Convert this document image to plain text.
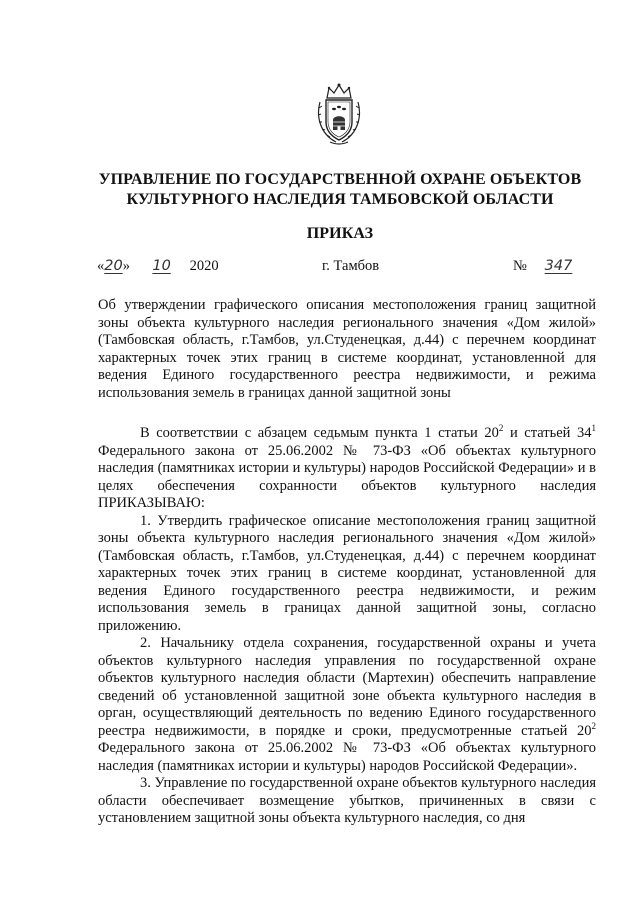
УПРАВЛЕНИЕ ПО ГОСУДАРСТВЕННОЙ ОХРАНЕ ОБЪЕКТОВ
КУЛЬТУРНОГО НАСЛЕДИЯ ТАМБОВСКОЙ ОБЛАСТИ
ПРИКАЗ
«20» 10 2020	г. Тамбов	№ 347
Об утверждении графического описания местоположения границ защитной зоны объекта культурного наследия регионального значения «Дом жилой» (Тамбовская область, г.Тамбов, ул.Студенецкая, д.44) с перечнем координат характерных точек этих границ в системе координат, установленной для ведения Единого государственного реестра недвижимости, и режима использования земель в границах данной защитной зоны

В соответствии с абзацем седьмым пункта 1 статьи $20^2$ и статьей $34^1$ Федерального закона от 25.06.2002 № 73-ФЗ «Об объектах культурного наследия (памятниках истории и культуры) народов Российской Федерации» и в целях обеспечения сохранности объектов культурного наследия ПРИКАЗЫВАЮ:

1. Утвердить графическое описание местоположения границ защитной зоны объекта культурного наследия регионального значения «Дом жилой» (Тамбовская область, г.Тамбов, ул.Студенецкая, д.44) с перечнем координат характерных точек этих границ в системе координат, установленной для ведения Единого государственного реестра недвижимости, и режим использования земель в границах данной защитной зоны, согласно приложению.

2. Начальнику отдела сохранения, государственной охраны и учета объектов культурного наследия управления по государственной охране объектов культурного наследия области (Мартехин) обеспечить направление сведений об установленной защитной зоне объекта культурного наследия в орган, осуществляющий деятельность по ведению Единого государственного реестра недвижимости, в порядке и сроки, предусмотренные статьей $20^2$ Федерального закона от 25.06.2002 № 73-ФЗ «Об объектах культурного наследия (памятниках истории и культуры) народов Российской Федерации».

3. Управление по государственной охране объектов культурного наследия области обеспечивает возмещение убытков, причиненных в связи с установлением защитной зоны объекта культурного наследия, со дня
